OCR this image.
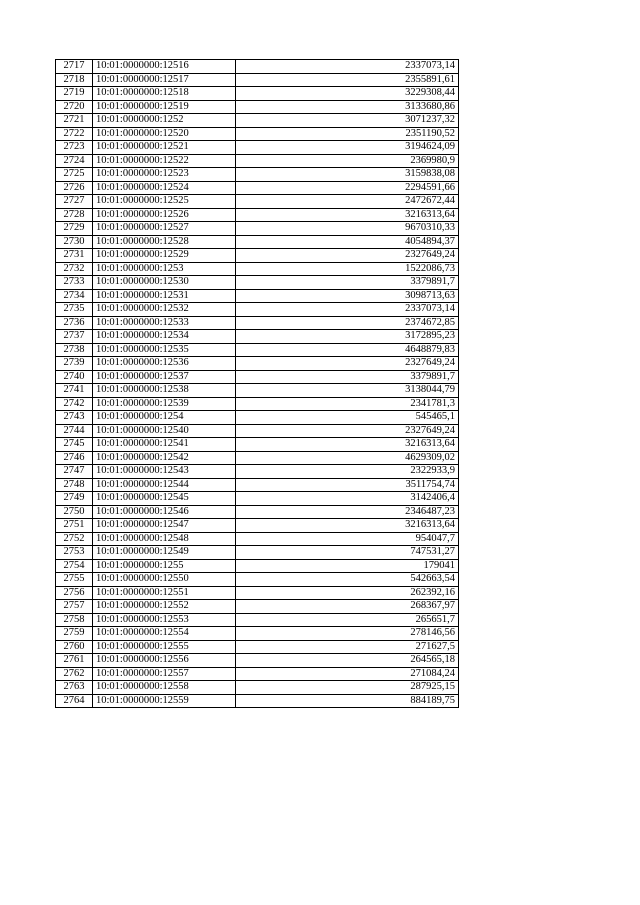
2717	10:01:0000000:12516	2337073,14
2718	10:01:0000000:12517	2355891,61
2719	10:01:0000000:12518	3229308,44
2720	10:01:0000000:12519	3133680,86
2721	10:01:0000000:1252	3071237,32
2722	10:01:0000000:12520	2351190,52
2723	10:01:0000000:12521	3194624,09
2724	10:01:0000000:12522	2369980,9
2725	10:01:0000000:12523	3159838,08
2726	10:01:0000000:12524	2294591,66
2727	10:01:0000000:12525	2472672,44
2728	10:01:0000000:12526	3216313,64
2729	10:01:0000000:12527	9670310,33
2730	10:01:0000000:12528	4054894,37
2731	10:01:0000000:12529	2327649,24
2732	10:01:0000000:1253	1522086,73
2733	10:01:0000000:12530	3379891,7
2734	10:01:0000000:12531	3098713,63
2735	10:01:0000000:12532	2337073,14
2736	10:01:0000000:12533	2374672,85
2737	10:01:0000000:12534	3172895,23
2738	10:01:0000000:12535	4648879,83
2739	10:01:0000000:12536	2327649,24
2740	10:01:0000000:12537	3379891,7
2741	10:01:0000000:12538	3138044,79
2742	10:01:0000000:12539	2341781,3
2743	10:01:0000000:1254	545465,1
2744	10:01:0000000:12540	2327649,24
2745	10:01:0000000:12541	3216313,64
2746	10:01:0000000:12542	4629309,02
2747	10:01:0000000:12543	2322933,9
2748	10:01:0000000:12544	3511754,74
2749	10:01:0000000:12545	3142406,4
2750	10:01:0000000:12546	2346487,23
2751	10:01:0000000:12547	3216313,64
2752	10:01:0000000:12548	954047,7
2753	10:01:0000000:12549	747531,27
2754	10:01:0000000:1255	179041
2755	10:01:0000000:12550	542663,54
2756	10:01:0000000:12551	262392,16
2757	10:01:0000000:12552	268367,97
2758	10:01:0000000:12553	265651,7
2759	10:01:0000000:12554	278146,56
2760	10:01:0000000:12555	271627,5
2761	10:01:0000000:12556	264565,18
2762	10:01:0000000:12557	271084,24
2763	10:01:0000000:12558	287925,15
2764	10:01:0000000:12559	884189,75
